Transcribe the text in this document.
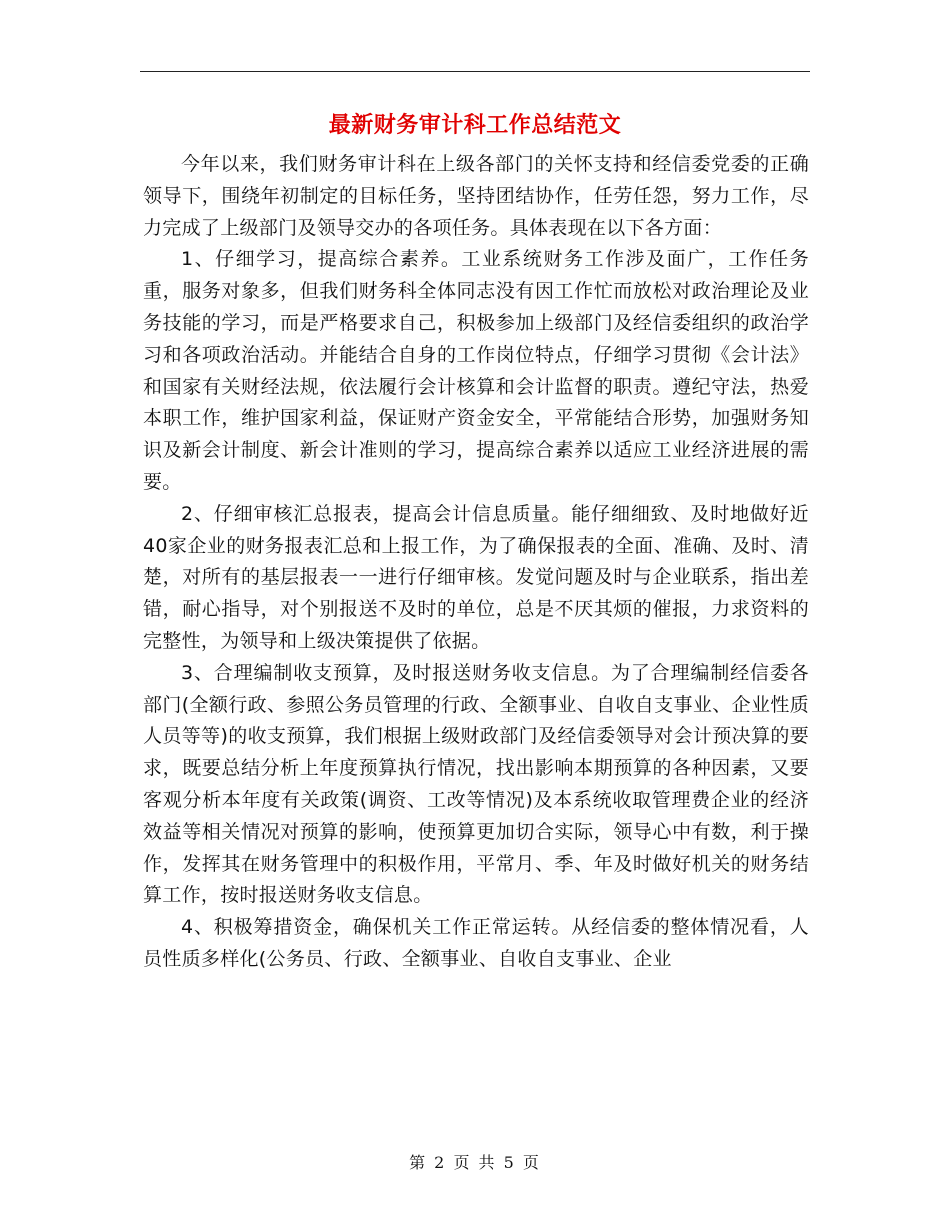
最新财务审计科工作总结范文

今年以来，我们财务审计科在上级各部门的关怀支持和经信委党委的正确领导下，围绕年初制定的目标任务，坚持团结协作，任劳任怨，努力工作，尽力完成了上级部门及领导交办的各项任务。具体表现在以下各方面：

1、仔细学习，提高综合素养。工业系统财务工作涉及面广，工作任务重，服务对象多，但我们财务科全体同志没有因工作忙而放松对政治理论及业务技能的学习，而是严格要求自己，积极参加上级部门及经信委组织的政治学习和各项政治活动。并能结合自身的工作岗位特点，仔细学习贯彻《会计法》和国家有关财经法规，依法履行会计核算和会计监督的职责。遵纪守法，热爱本职工作，维护国家利益，保证财产资金安全，平常能结合形势，加强财务知识及新会计制度、新会计准则的学习，提高综合素养以适应工业经济进展的需要。

2、仔细审核汇总报表，提高会计信息质量。能仔细细致、及时地做好近40家企业的财务报表汇总和上报工作，为了确保报表的全面、准确、及时、清楚，对所有的基层报表一一进行仔细审核。发觉问题及时与企业联系，指出差错，耐心指导，对个别报送不及时的单位，总是不厌其烦的催报，力求资料的完整性，为领导和上级决策提供了依据。

3、合理编制收支预算，及时报送财务收支信息。为了合理编制经信委各部门(全额行政、参照公务员管理的行政、全额事业、自收自支事业、企业性质人员等等)的收支预算，我们根据上级财政部门及经信委领导对会计预决算的要求，既要总结分析上年度预算执行情况，找出影响本期预算的各种因素，又要客观分析本年度有关政策(调资、工改等情况)及本系统收取管理费企业的经济效益等相关情况对预算的影响，使预算更加切合实际，领导心中有数，利于操作，发挥其在财务管理中的积极作用，平常月、季、年及时做好机关的财务结算工作，按时报送财务收支信息。

4、积极筹措资金，确保机关工作正常运转。从经信委的整体情况看，人员性质多样化(公务员、行政、全额事业、自收自支事业、企业

第 2 页 共 5 页
